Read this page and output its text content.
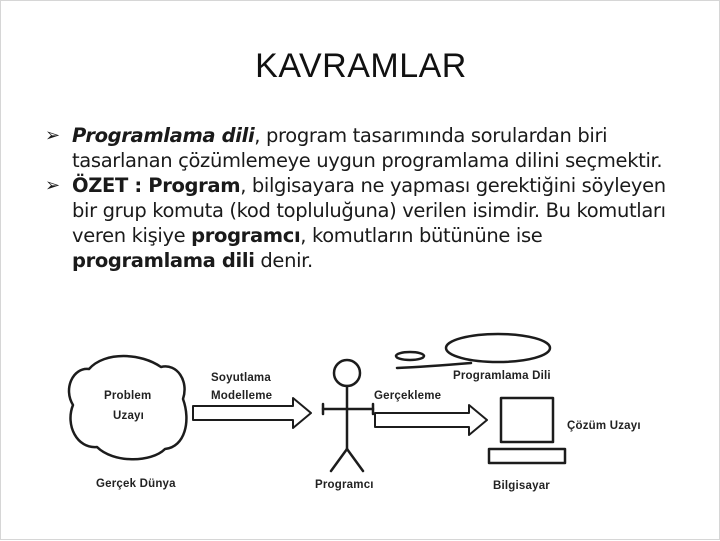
KAVRAMLAR
➢ Programlama dili, program tasarımında sorulardan biri tasarlanan çözümlemeye uygun programlama dilini seçmektir.
➢ ÖZET : Program, bilgisayara ne yapması gerektiğini söyleyen bir grup komuta (kod topluluğuna) verilen isimdir. Bu komutları veren kişiye programcı, komutların bütününe ise programlama dili denir.
Problem
Uzayı
Gerçek Dünya
Soyutlama
Modelleme
Programcı
Programlama Dili
Gerçekleme
Çözüm Uzayı
Bilgisayar
